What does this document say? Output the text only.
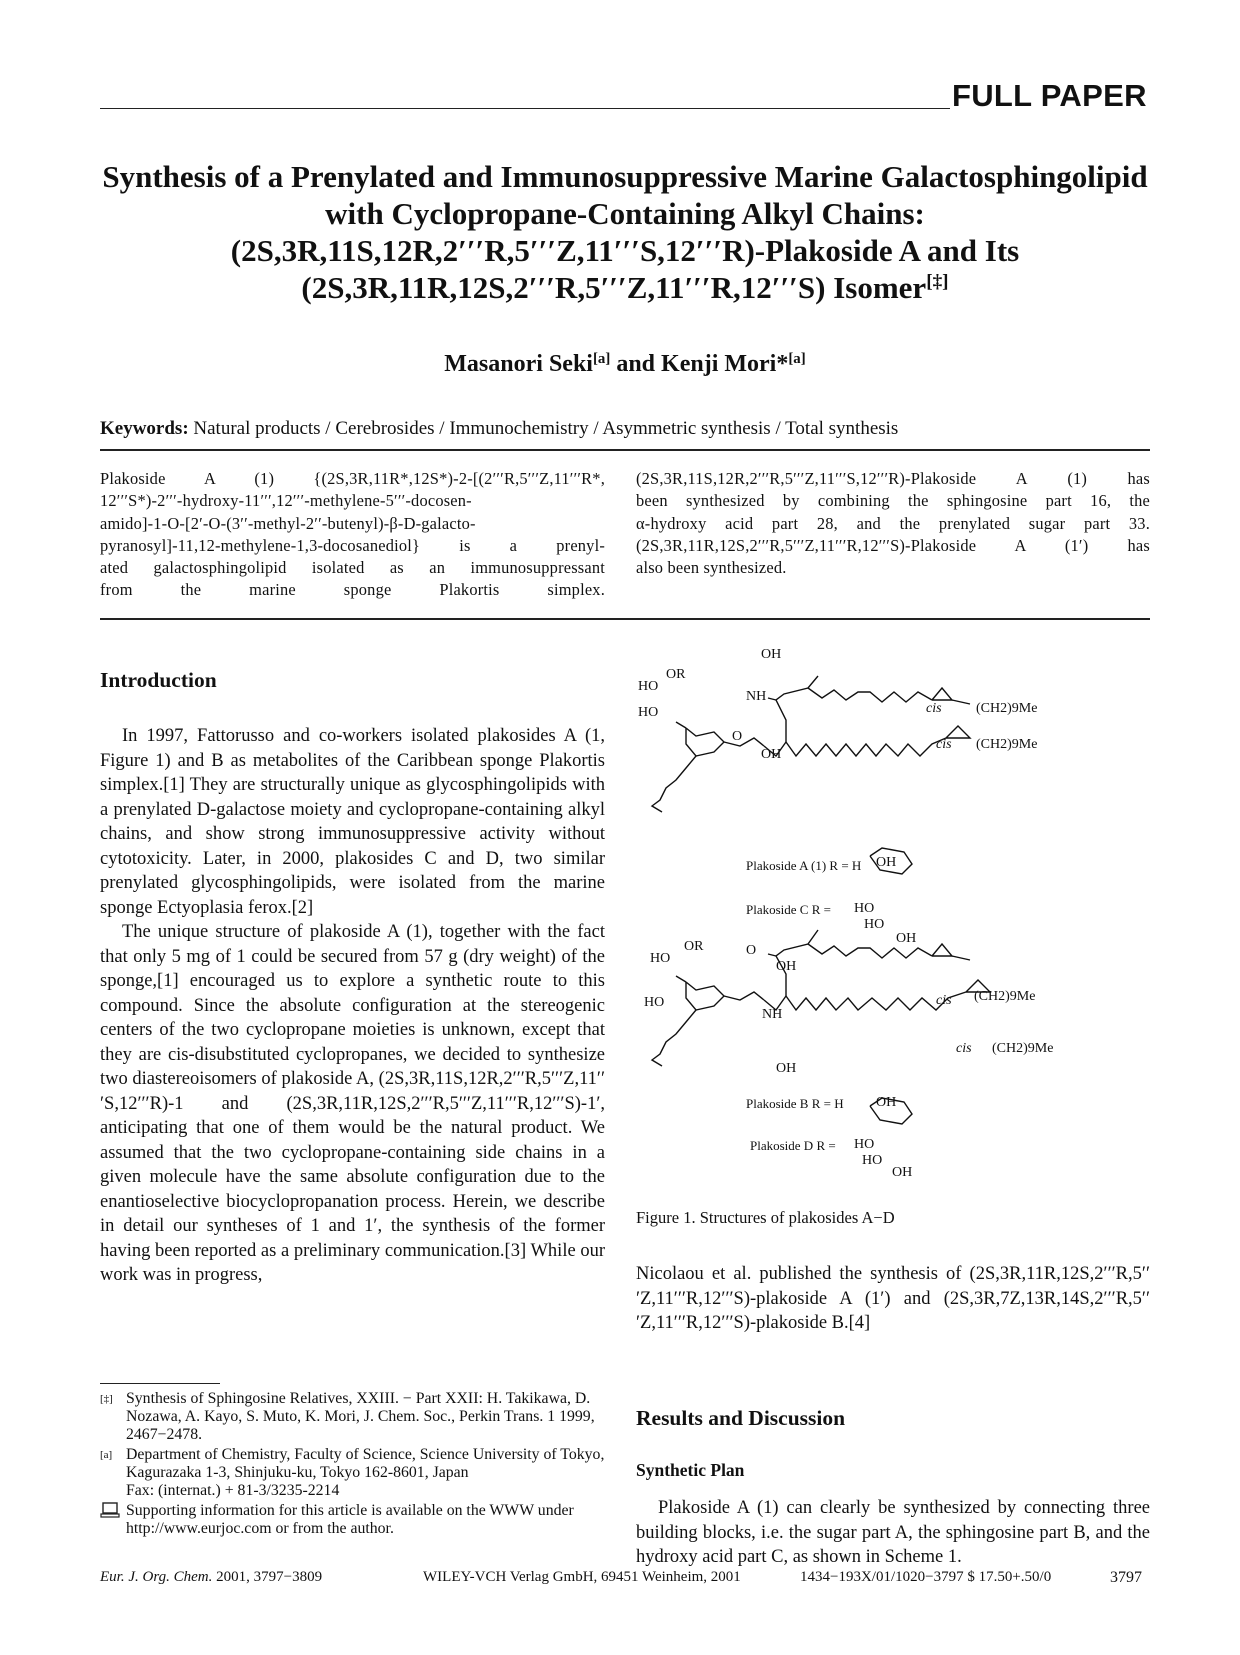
FULL PAPER
Synthesis of a Prenylated and Immunosuppressive Marine Galactosphingolipid
with Cyclopropane-Containing Alkyl Chains:
(2S,3R,11S,12R,2′′′R,5′′′Z,11′′′S,12′′′R)-Plakoside A and Its
(2S,3R,11R,12S,2′′′R,5′′′Z,11′′′R,12′′′S) Isomer[‡]
Masanori Seki[a] and Kenji Mori*[a]
Keywords: Natural products / Cerebrosides / Immunochemistry / Asymmetric synthesis / Total synthesis
Plakoside A (1) {(2S,3R,11R*,12S*)-2-[(2′′′R,5′′′Z,11′′′R*,
12′′′S*)-2′′′-hydroxy-11′′′,12′′′-methylene-5′′′-docosen-
amido]-1-O-[2′-O-(3′′-methyl-2′′-butenyl)-β-D-galacto-
pyranosyl]-11,12-methylene-1,3-docosanediol} is a prenyl-
ated galactosphingolipid isolated as an immunosuppressant
from the marine sponge Plakortis simplex.
(2S,3R,11S,12R,2′′′R,5′′′Z,11′′′S,12′′′R)-Plakoside A (1) has
been synthesized by combining the sphingosine part 16, the
α-hydroxy acid part 28, and the prenylated sugar part 33.
(2S,3R,11R,12S,2′′′R,5′′′Z,11′′′R,12′′′S)-Plakoside A (1′) has
also been synthesized.
Introduction

In 1997, Fattorusso and co-workers isolated plakosides A (1, Figure 1) and B as metabolites of the Caribbean sponge Plakortis simplex.[1] They are structurally unique as glycosphingolipids with a prenylated D-galactose moiety and cyclopropane-containing alkyl chains, and show strong immunosuppressive activity without cytotoxicity. Later, in 2000, plakosides C and D, two similar prenylated glycosphingolipids, were isolated from the marine sponge Ectyoplasia ferox.[2]

The unique structure of plakoside A (1), together with the fact that only 5 mg of 1 could be secured from 57 g (dry weight) of the sponge,[1] encouraged us to explore a synthetic route to this compound. Since the absolute configuration at the stereogenic centers of the two cyclopropane moieties is unknown, except that they are cis-disubstituted cyclopropanes, we decided to synthesize two diastereoisomers of plakoside A, (2S,3R,11S,12R,2′′′R,5′′′Z,11′′′S,12′′′R)-1 and (2S,3R,11R,12S,2′′′R,5′′′Z,11′′′R,12′′′S)-1′, anticipating that one of them would be the natural product. We assumed that the two cyclopropane-containing side chains in a given molecule have the same absolute configuration due to the enantioselective biocyclopropanation process. Herein, we describe in detail our syntheses of 1 and 1′, the synthesis of the former having been reported as a preliminary communication.[3] While our work was in progress,

[‡] Synthesis of Sphingosine Relatives, XXIII. − Part XXII: H. Takikawa, D. Nozawa, A. Kayo, S. Muto, K. Mori, J. Chem. Soc., Perkin Trans. 1 1999, 2467−2478.
[a] Department of Chemistry, Faculty of Science, Science University of Tokyo,
Kagurazaka 1-3, Shinjuku-ku, Tokyo 162-8601, Japan
Fax: (internat.) + 81-3/3235-2214
Supporting information for this article is available on the WWW under http://www.eurjoc.com or from the author.
OH
OR
HO
HO
NH
O
OH
cis (CH2)9Me
cis (CH2)9Me
Plakoside A (1) R = H OH
Plakoside C R = HO
HO
OH
OH
O
OR
HO
HO
NH
OH
cis (CH2)9Me
cis (CH2)9Me
Plakoside B R = H OH
Plakoside D R = HO
HO
OH
Figure 1. Structures of plakosides A−D

Nicolaou et al. published the synthesis of (2S,3R,11R,12S,2′′′R,5′′′Z,11′′′R,12′′′S)-plakoside A (1′) and (2S,3R,7Z,13R,14S,2′′′R,5′′′Z,11′′′R,12′′′S)-plakoside B.[4]

Results and Discussion
Synthetic Plan

Plakoside A (1) can clearly be synthesized by connecting three building blocks, i.e. the sugar part A, the sphingosine part B, and the hydroxy acid part C, as shown in Scheme 1.

Eur. J. Org. Chem. 2001, 3797−3809	WILEY-VCH Verlag GmbH, 69451 Weinheim, 2001	1434−193X/01/1020−3797 $ 17.50+.50/0	3797
